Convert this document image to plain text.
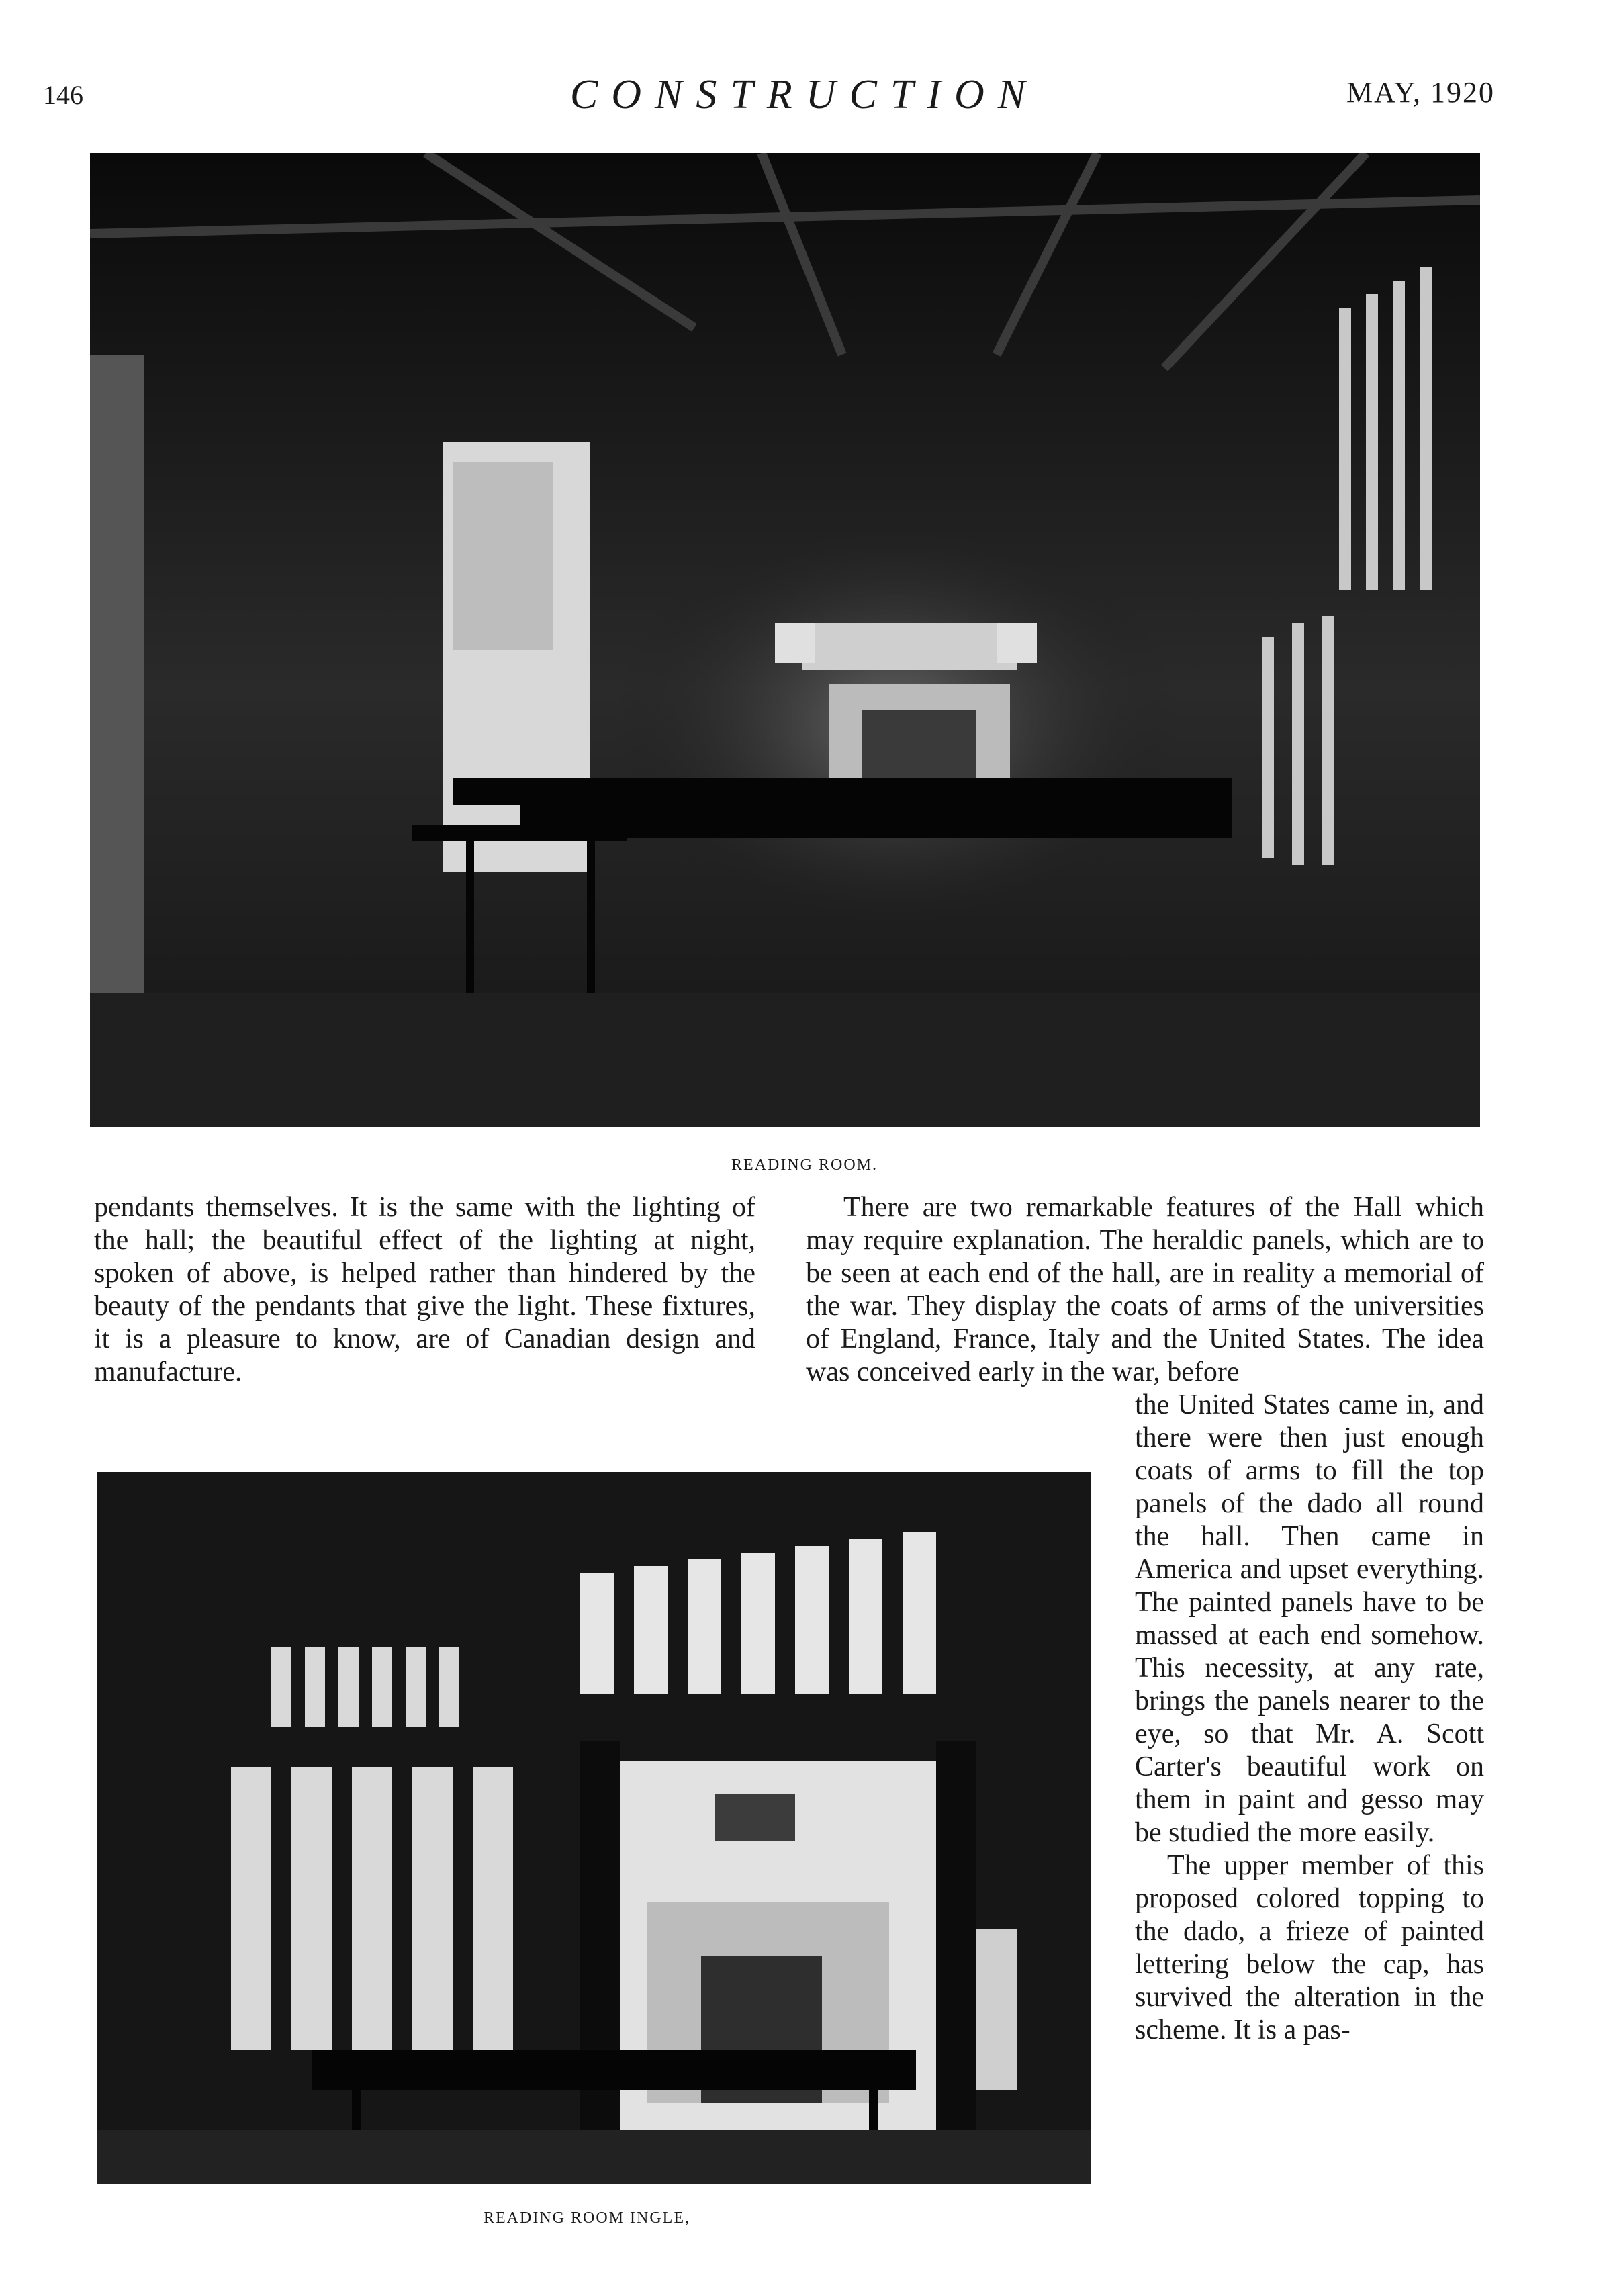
146	CONSTRUCTION	MAY, 1920
READING ROOM.

pendants themselves. It is the same with the lighting of the hall; the beautiful effect of the lighting at night, spoken of above, is helped rather than hindered by the beauty of the pendants that give the light. These fixtures, it is a pleasure to know, are of Canadian design and manufacture.

There are two remarkable features of the Hall which may require explanation. The heraldic panels, which are to be seen at each end of the hall, are in reality a memorial of the war. They display the coats of arms of the universities of England, France, Italy and the United States. The idea was conceived early in the war, before

READING ROOM INGLE,

the United States came in, and there were then just enough coats of arms to fill the top panels of the dado all round the hall. Then came in America and upset everything. The painted panels have to be massed at each end somehow. This necessity, at any rate, brings the panels nearer to the eye, so that Mr. A. Scott Carter's beautiful work on them in paint and gesso may be studied the more easily.

The upper member of this proposed colored topping to the dado, a frieze of painted lettering below the cap, has survived the alteration in the scheme. It is a pas-
